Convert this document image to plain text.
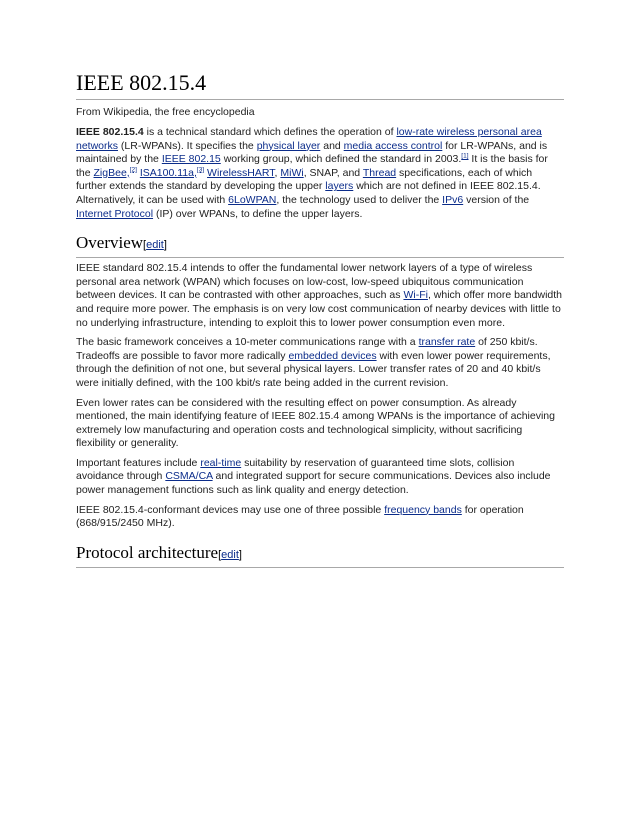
IEEE 802.15.4
From Wikipedia, the free encyclopedia

IEEE 802.15.4 is a technical standard which defines the operation of low-rate wireless personal area networks (LR-WPANs). It specifies the physical layer and media access control for LR-WPANs, and is maintained by the IEEE 802.15 working group, which defined the standard in 2003.[1] It is the basis for the ZigBee,[2] ISA100.11a,[3] WirelessHART, MiWi, SNAP, and Thread specifications, each of which further extends the standard by developing the upper layers which are not defined in IEEE 802.15.4. Alternatively, it can be used with 6LoWPAN, the technology used to deliver the IPv6 version of the Internet Protocol (IP) over WPANs, to define the upper layers.

Overview[edit]

IEEE standard 802.15.4 intends to offer the fundamental lower network layers of a type of wireless personal area network (WPAN) which focuses on low-cost, low-speed ubiquitous communication between devices. It can be contrasted with other approaches, such as Wi-Fi, which offer more bandwidth and require more power. The emphasis is on very low cost communication of nearby devices with little to no underlying infrastructure, intending to exploit this to lower power consumption even more.

The basic framework conceives a 10-meter communications range with a transfer rate of 250 kbit/s. Tradeoffs are possible to favor more radically embedded devices with even lower power requirements, through the definition of not one, but several physical layers. Lower transfer rates of 20 and 40 kbit/s were initially defined, with the 100 kbit/s rate being added in the current revision.

Even lower rates can be considered with the resulting effect on power consumption. As already mentioned, the main identifying feature of IEEE 802.15.4 among WPANs is the importance of achieving extremely low manufacturing and operation costs and technological simplicity, without sacrificing flexibility or generality.

Important features include real-time suitability by reservation of guaranteed time slots, collision avoidance through CSMA/CA and integrated support for secure communications. Devices also include power management functions such as link quality and energy detection.

IEEE 802.15.4-conformant devices may use one of three possible frequency bands for operation (868/915/2450 MHz).

Protocol architecture[edit]
